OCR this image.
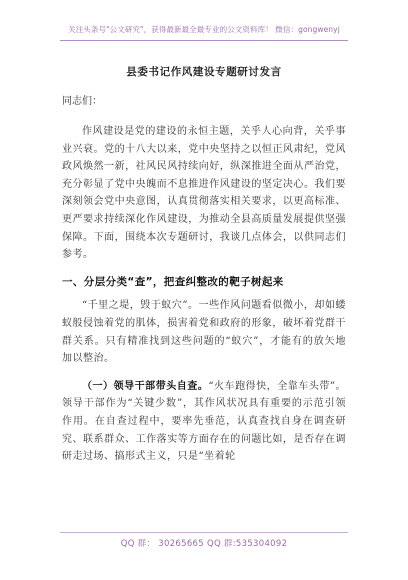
关注头条号"公文研究"，获得最新最全最专业的公文资料库！ 微信：gongwenyj
县委书记作风建设专题研讨发言

同志们：

作风建设是党的建设的永恒主题，关乎人心向背，关乎事业兴衰。党的十八大以来，党中央坚持之以恒正风肃纪，党风政风焕然一新，社风民风持续向好，纵深推进全面从严治党，充分彰显了党中央魄而不息推进作风建设的坚定决心。我们要深刻领会党中央意图，认真贯彻落实相关要求，以更高标准、更严要求持续深化作风建设，为推动全县高质量发展提供坚强保障。下面，围绕本次专题研讨，我谈几点体会，以供同志们参考。

一、分层分类“查”，把查纠整改的靶子树起来

“千里之堤，毁于蚁穴”。一些作风问题看似微小，却如蝼蚁般侵蚀着党的肌体，损害着党和政府的形象，破坏着党群干群关系。只有精准找到这些问题的“蚁穴”，才能有的放矢地加以整治。

（一）领导干部带头自查。“火车跑得快，全靠车头带”。领导干部作为“关键少数”，其作风状况具有重要的示范引领作用。在自查过程中，要率先垂范，认真查找自身在调查研究、联系群众、工作落实等方面存在的问题比如，是否存在调研走过场、搞形式主义，只是“坐着轮

QQ 群： 30265665 QQ 群:535304092
